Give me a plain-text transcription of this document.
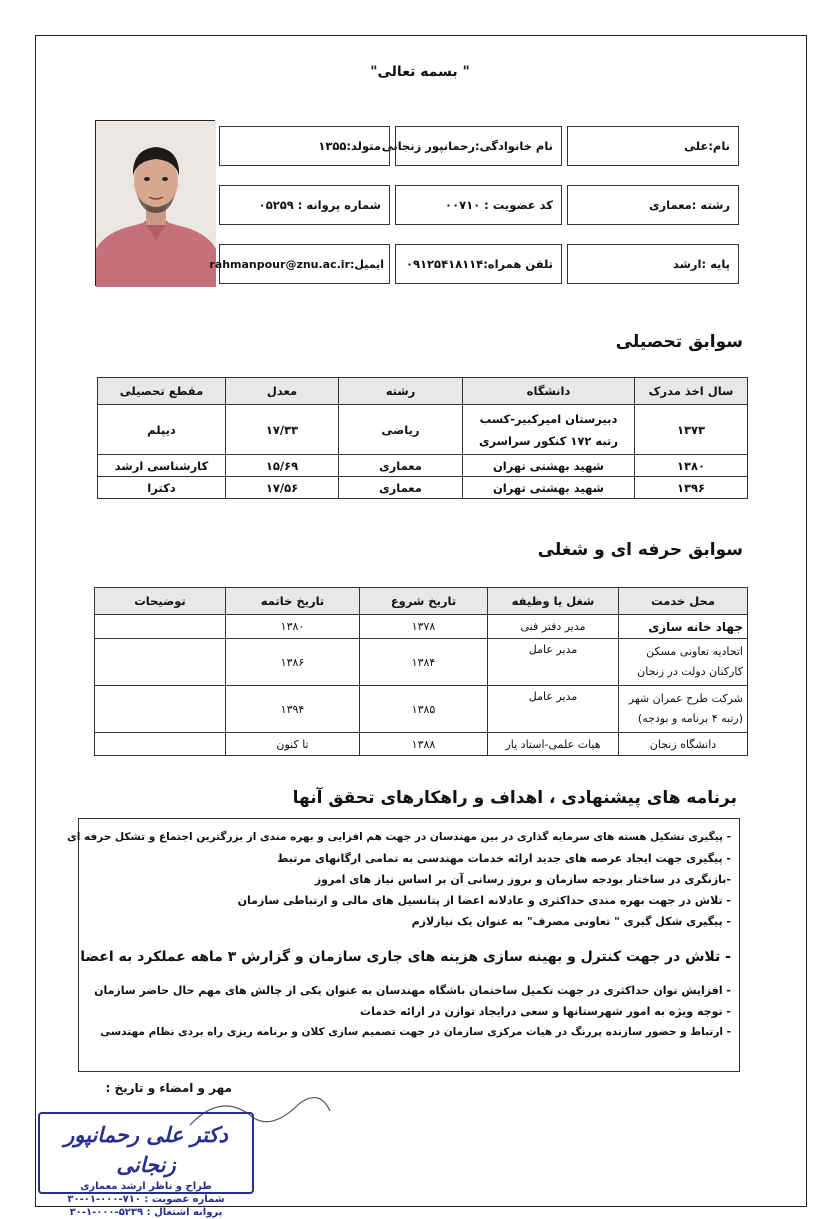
" بسمه تعالی"
نام:علی
نام خانوادگی:رحمانپور زنجانی
متولد:۱۳۵۵
رشته :معماری
کد عضویت : ۰۰۷۱۰
شماره پروانه : ۰۵۲۵۹
پایه :ارشد
تلفن همراه:۰۹۱۲۵۴۱۸۱۱۴
ایمیل:
rahmanpour@znu.ac.ir
سوابق تحصیلی
سال اخذ مدرک	دانشگاه	رشته	معدل	مقطع تحصیلی
۱۳۷۳	دبیرستان امیرکبیر-کسب رتبه ۱۷۲ کنکور سراسری	ریاضی	۱۷/۳۳	دیپلم
۱۳۸۰	شهید بهشتی تهران	معماری	۱۵/۶۹	کارشناسی ارشد
۱۳۹۶	شهید بهشتی تهران	معماری	۱۷/۵۶	دکترا
سوابق حرفه ای و شغلی
محل خدمت	شغل یا وظیفه	تاریخ شروع	تاریخ خاتمه	توضیحات
جهاد خانه سازی	مدیر دفتر فنی	۱۳۷۸	۱۳۸۰	
اتحادیه تعاونی مسکن کارکنان دولت در زنجان	مدیر عامل	۱۳۸۴	۱۳۸۶	
شرکت طرح عمران شهر (رتبه ۴ برنامه و بودجه)	مدیر عامل	۱۳۸۵	۱۳۹۴	
دانشگاه زنجان	هیات علمی-استاد یار	۱۳۸۸	تا کنون	
برنامه های پیشنهادی ، اهداف و راهکارهای تحقق آنها
- پیگیری تشکیل هسته های سرمایه گذاری در بین مهندسان در جهت هم افزایی و بهره مندی از بزرگترین اجتماع و تشکل حرفه ای
- پیگیری جهت ایجاد عرصه های جدید ارائه خدمات مهندسی به تمامی ارگانهای مرتبط
-بازنگری در ساختار بودجه سازمان و بروز رسانی آن بر اساس نیاز های امروز
- تلاش در جهت بهره مندی حداکثری و عادلانه اعضا از پتانسیل های مالی و ارتباطی سازمان
- پیگیری شکل گیری " تعاونی مصرف" به عنوان یک نیازلازم
- تلاش در جهت کنترل و بهینه سازی هزینه های جاری سازمان و گزارش ۳ ماهه عملکرد به اعضا
- افزایش توان حداکثری در جهت تکمیل ساختمان باشگاه مهندسان به عنوان یکی از چالش های مهم حال حاضر سازمان
- توجه ویژه به امور شهرستانها و سعی درایجاد توازن در ارائه خدمات
- ارتباط و حضور سازنده پررنگ در هیات مرکزی سازمان در جهت تصمیم سازی کلان و برنامه ریزی راه بردی نظام مهندسی
مهر و امضاء و تاریخ :
دکتر علی رحمانپور زنجانی
طراح و ناظر ارشد معماری
شماره عضویت : ۷۱۰-۰۰۰-۰۱-۳۰
پروانه اشتغال : ۵۲۳۹-۰۰۰-۱-۳۰
